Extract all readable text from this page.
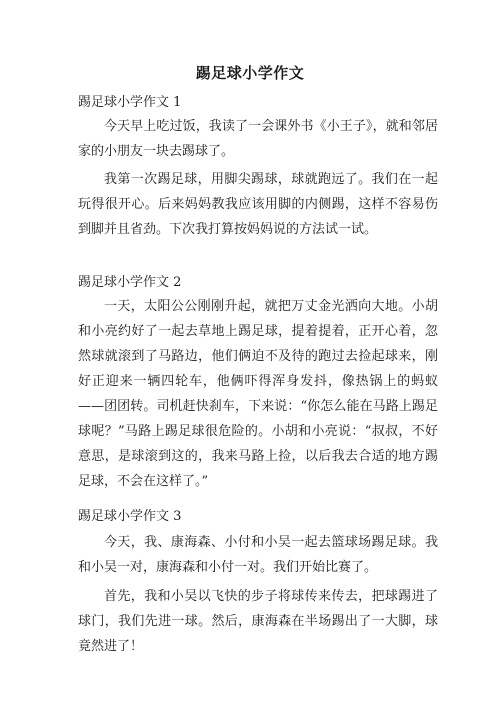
踢足球小学作文
踢足球小学作文 1

今天早上吃过饭，我读了一会课外书《小王子》，就和邻居家的小朋友一块去踢球了。

我第一次踢足球，用脚尖踢球，球就跑远了。我们在一起玩得很开心。后来妈妈教我应该用脚的内侧踢，这样不容易伤到脚并且省劲。下次我打算按妈妈说的方法试一试。

踢足球小学作文 2

一天，太阳公公刚刚升起，就把万丈金光洒向大地。小胡和小亮约好了一起去草地上踢足球，提着提着，正开心着，忽然球就滚到了马路边，他们俩迫不及待的跑过去捡起球来，刚好正迎来一辆四轮车，他俩吓得浑身发抖，像热锅上的蚂蚁——团团转。司机赶快刹车，下来说：“你怎么能在马路上踢足球呢？”马路上踢足球很危险的。小胡和小亮说：“叔叔，不好意思，是球滚到这的，我来马路上捡，以后我去合适的地方踢足球，不会在这样了。”

踢足球小学作文 3

今天，我、康海森、小付和小吴一起去篮球场踢足球。我和小吴一对，康海森和小付一对。我们开始比赛了。

首先，我和小吴以飞快的步子将球传来传去，把球踢进了球门，我们先进一球。然后，康海森在半场踢出了一大脚，球竟然进了！
